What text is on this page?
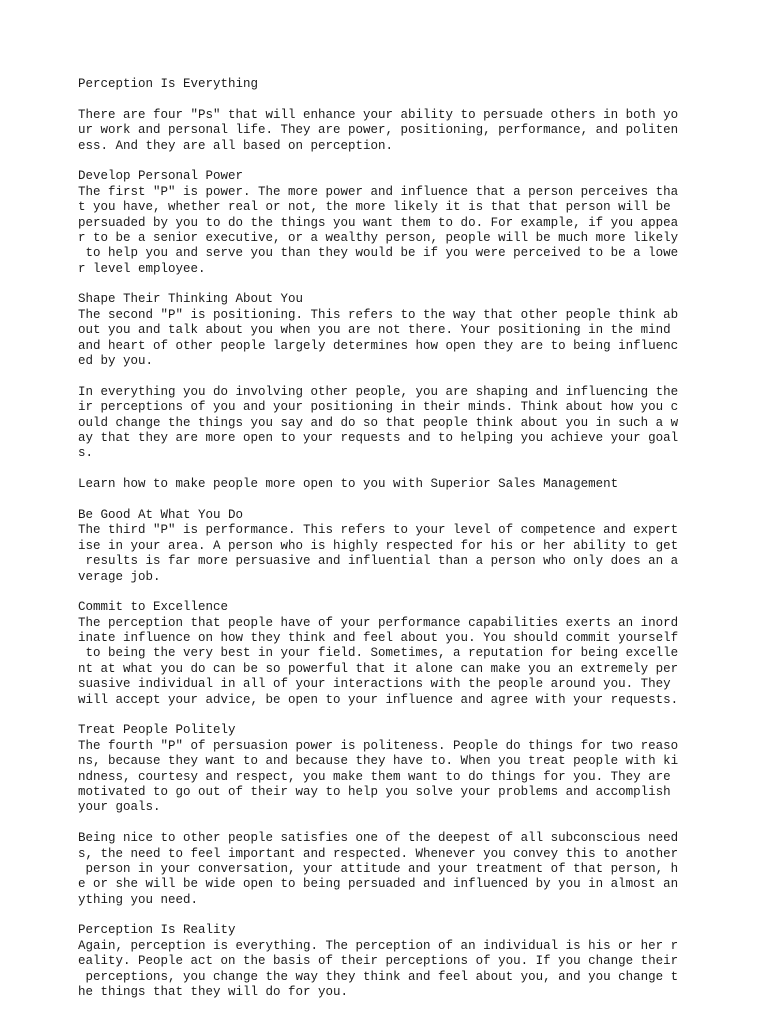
Perception Is Everything
There are four "Ps" that will enhance your ability to persuade others in both yo
ur work and personal life. They are power, positioning, performance, and politen
ess. And they are all based on perception.
Develop Personal Power
The first "P" is power. The more power and influence that a person perceives tha
t you have, whether real or not, the more likely it is that that person will be
persuaded by you to do the things you want them to do. For example, if you appea
r to be a senior executive, or a wealthy person, people will be much more likely
to help you and serve you than they would be if you were perceived to be a lowe
r level employee.
Shape Their Thinking About You
The second "P" is positioning. This refers to the way that other people think ab
out you and talk about you when you are not there. Your positioning in the mind
and heart of other people largely determines how open they are to being influenc
ed by you.
In everything you do involving other people, you are shaping and influencing the
ir perceptions of you and your positioning in their minds. Think about how you c
ould change the things you say and do so that people think about you in such a w
ay that they are more open to your requests and to helping you achieve your goal
s.
Learn how to make people more open to you with Superior Sales Management
Be Good At What You Do
The third "P" is performance. This refers to your level of competence and expert
ise in your area. A person who is highly respected for his or her ability to get
results is far more persuasive and influential than a person who only does an a
verage job.
Commit to Excellence
The perception that people have of your performance capabilities exerts an inord
inate influence on how they think and feel about you. You should commit yourself
to being the very best in your field. Sometimes, a reputation for being excelle
nt at what you do can be so powerful that it alone can make you an extremely per
suasive individual in all of your interactions with the people around you. They
will accept your advice, be open to your influence and agree with your requests.
Treat People Politely
The fourth "P" of persuasion power is politeness. People do things for two reaso
ns, because they want to and because they have to. When you treat people with ki
ndness, courtesy and respect, you make them want to do things for you. They are
motivated to go out of their way to help you solve your problems and accomplish
your goals.
Being nice to other people satisfies one of the deepest of all subconscious need
s, the need to feel important and respected. Whenever you convey this to another
person in your conversation, your attitude and your treatment of that person, h
e or she will be wide open to being persuaded and influenced by you in almost an
ything you need.
Perception Is Reality
Again, perception is everything. The perception of an individual is his or her r
eality. People act on the basis of their perceptions of you. If you change their
perceptions, you change the way they think and feel about you, and you change t
he things that they will do for you.
